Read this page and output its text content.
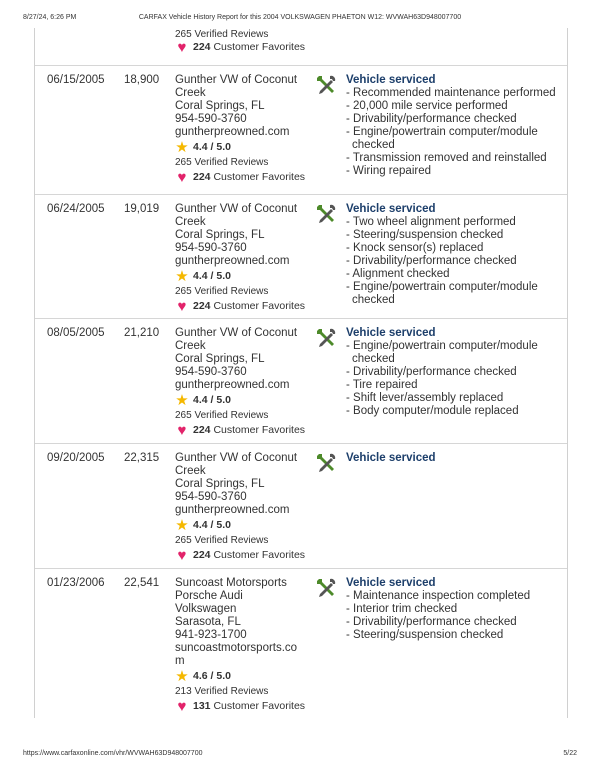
8/27/24, 6:26 PM	CARFAX Vehicle History Report for this 2004 VOLKSWAGEN PHAETON W12: WVWAH63D948007700
265 Verified Reviews
♥ 224
Customer Favorites
06/15/2005 18,900 Gunther VW of Coconut
Creek
Coral Springs, FL
954-590-3760
guntherpreowned.com
★ 4.4 / 5.0
265 Verified Reviews
♥ 224
Customer Favorites
Vehicle serviced
- Recommended maintenance performed
- 20,000 mile service performed
- Drivability/performance checked
- Engine/powertrain computer/module checked
- Transmission removed and reinstalled
- Wiring repaired
06/24/2005 19,019 Gunther VW of Coconut
Creek
Coral Springs, FL
954-590-3760
guntherpreowned.com
★ 4.4 / 5.0
265 Verified Reviews
♥ 224
Customer Favorites
Vehicle serviced
- Two wheel alignment performed
- Steering/suspension checked
- Knock sensor(s) replaced
- Drivability/performance checked
- Alignment checked
- Engine/powertrain computer/module checked
08/05/2005 21,210 Gunther VW of Coconut
Creek
Coral Springs, FL
954-590-3760
guntherpreowned.com
★ 4.4 / 5.0
265 Verified Reviews
♥ 224
Customer Favorites
Vehicle serviced
- Engine/powertrain computer/module checked
- Drivability/performance checked
- Tire repaired
- Shift lever/assembly replaced
- Body computer/module replaced
09/20/2005 22,315 Gunther VW of Coconut
Creek
Coral Springs, FL
954-590-3760
guntherpreowned.com
★ 4.4 / 5.0
265 Verified Reviews
♥ 224
Customer Favorites
Vehicle serviced
01/23/2006 22,541 Suncoast Motorsports
Porsche Audi
Volkswagen
Sarasota, FL
941-923-1700
suncoastmotorsports.co
m
★ 4.6 / 5.0
213 Verified Reviews
♥ 131
Customer Favorites
Vehicle serviced
- Maintenance inspection completed
- Interior trim checked
- Drivability/performance checked
- Steering/suspension checked
https://www.carfaxonline.com/vhr/WVWAH63D948007700	5/22
